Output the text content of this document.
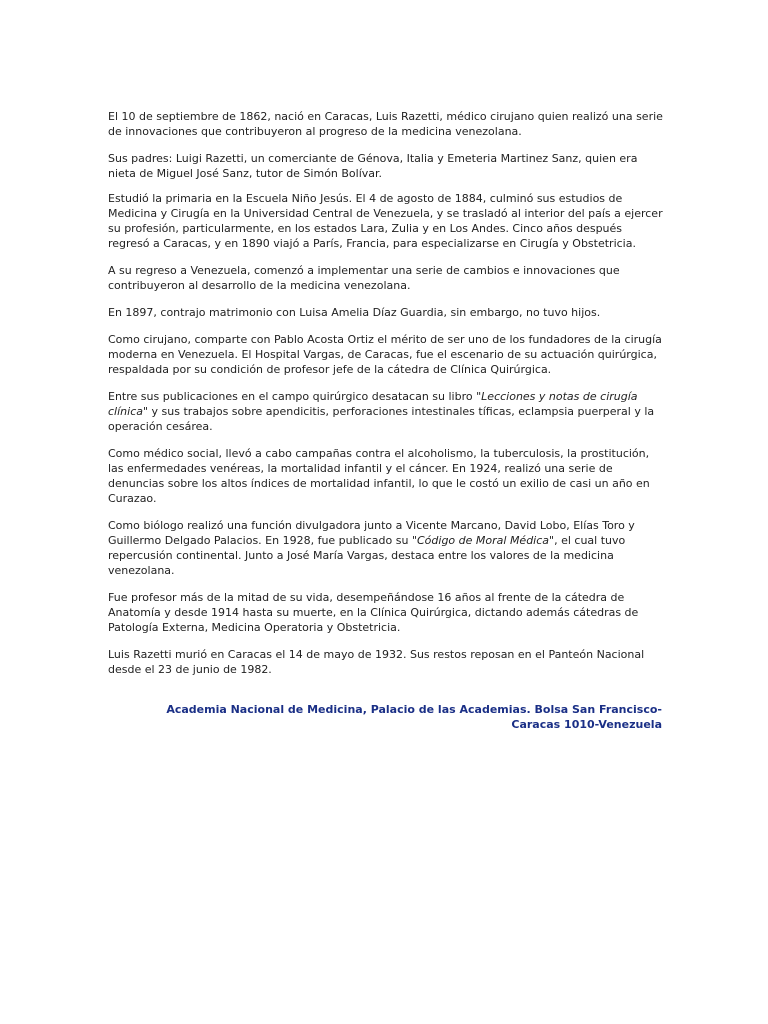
El 10 de septiembre de 1862, nació en Caracas, Luis Razetti, médico cirujano quien realizó una serie de innovaciones que contribuyeron al progreso de la medicina venezolana.

Sus padres: Luigi Razetti, un comerciante de Génova, Italia y Emeteria Martinez Sanz, quien era nieta de Miguel José Sanz, tutor de Simón Bolívar.

Estudió la primaria en la Escuela Niño Jesús. El 4 de agosto de 1884, culminó sus estudios de Medicina y Cirugía en la Universidad Central de Venezuela, y se trasladó al interior del país a ejercer su profesión, particularmente, en los estados Lara, Zulia y en Los Andes. Cinco años después regresó a Caracas, y en 1890 viajó a París, Francia, para especializarse en Cirugía y Obstetricia.

A su regreso a Venezuela, comenzó a implementar una serie de cambios e innovaciones que contribuyeron al desarrollo de la medicina venezolana.

En 1897, contrajo matrimonio con Luisa Amelia Díaz Guardia, sin embargo, no tuvo hijos.

Como cirujano, comparte con Pablo Acosta Ortiz el mérito de ser uno de los fundadores de la cirugía moderna en Venezuela. El Hospital Vargas, de Caracas, fue el escenario de su actuación quirúrgica, respaldada por su condición de profesor jefe de la cátedra de Clínica Quirúrgica.

Entre sus publicaciones en el campo quirúrgico desatacan su libro "Lecciones y notas de cirugía clínica" y sus trabajos sobre apendicitis, perforaciones intestinales tíficas, eclampsia puerperal y la operación cesárea.

Como médico social, llevó a cabo campañas contra el alcoholismo, la tuberculosis, la prostitución, las enfermedades venéreas, la mortalidad infantil y el cáncer. En 1924, realizó una serie de denuncias sobre los altos índices de mortalidad infantil, lo que le costó un exilio de casi un año en Curazao.

Como biólogo realizó una función divulgadora junto a Vicente Marcano, David Lobo, Elías Toro y Guillermo Delgado Palacios. En 1928, fue publicado su "Código de Moral Médica", el cual tuvo repercusión continental. Junto a José María Vargas, destaca entre los valores de la medicina venezolana.

Fue profesor más de la mitad de su vida, desempeñándose 16 años al frente de la cátedra de Anatomía y desde 1914 hasta su muerte, en la Clínica Quirúrgica, dictando además cátedras de Patología Externa, Medicina Operatoria y Obstetricia.

Luis Razetti murió en Caracas el 14 de mayo de 1932. Sus restos reposan en el Panteón Nacional desde el 23 de junio de 1982.

Academia Nacional de Medicina, Palacio de las Academias. Bolsa San Francisco-
Caracas 1010-Venezuela
